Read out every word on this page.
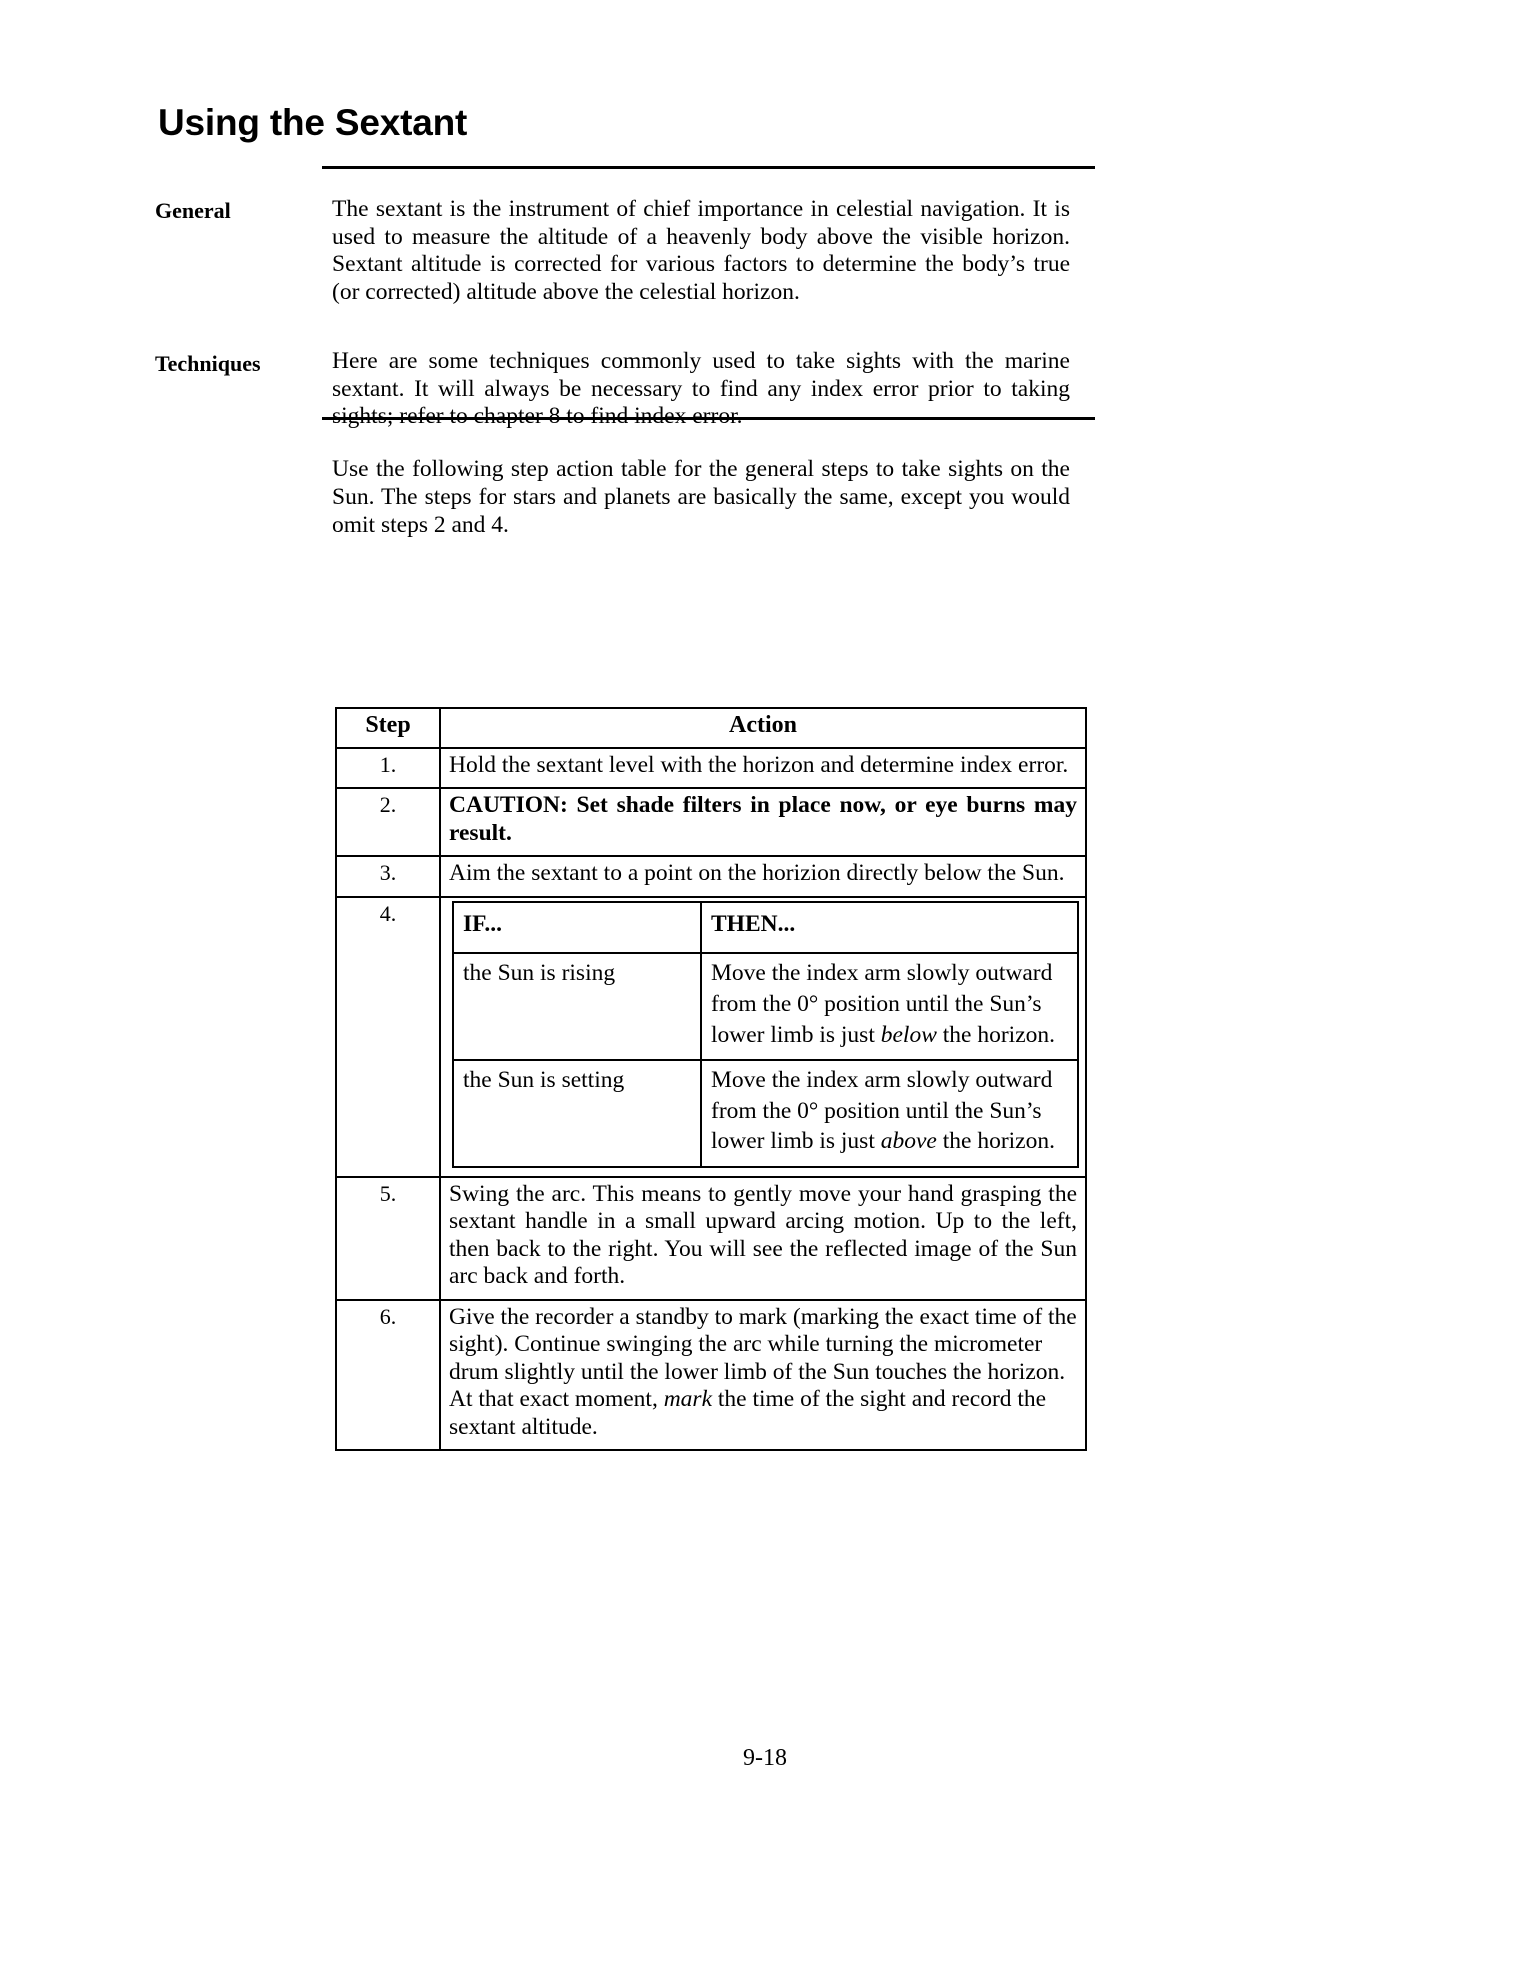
Using the Sextant
General	The sextant is the instrument of chief importance in celestial navigation. It is used to measure the altitude of a heavenly body above the visible horizon. Sextant altitude is corrected for various factors to determine the body’s true (or corrected) altitude above the celestial horizon.

Techniques	Here are some techniques commonly used to take sights with the marine sextant. It will always be necessary to find any index error prior to taking sights; refer to chapter 8 to find index error.

Use the following step action table for the general steps to take sights on the Sun. The steps for stars and planets are basically the same, except you would omit steps 2 and 4.

Step	Action
1.	Hold the sextant level with the horizon and determine index error.
2.	CAUTION: Set shade filters in place now, or eye burns may result.
3.	Aim the sextant to a point on the horizion directly below the Sun.
4.		IF...	THEN...
the Sun is rising	Move the index arm slowly outward from the 0° position until the Sun’s lower limb is just below the horizon.
the Sun is setting	Move the index arm slowly outward from the 0° position until the Sun’s lower limb is just above the horizon.

5.	Swing the arc. This means to gently move your hand grasping the sextant handle in a small upward arcing motion. Up to the left, then back to the right. You will see the reflected image of the Sun arc back and forth.
6.	Give the recorder a standby to mark (marking the exact time of the sight). Continue swinging the arc while turning the micrometer drum slightly until the lower limb of the Sun touches the horizon. At that exact moment, mark the time of the sight and record the sextant altitude.
9-18
